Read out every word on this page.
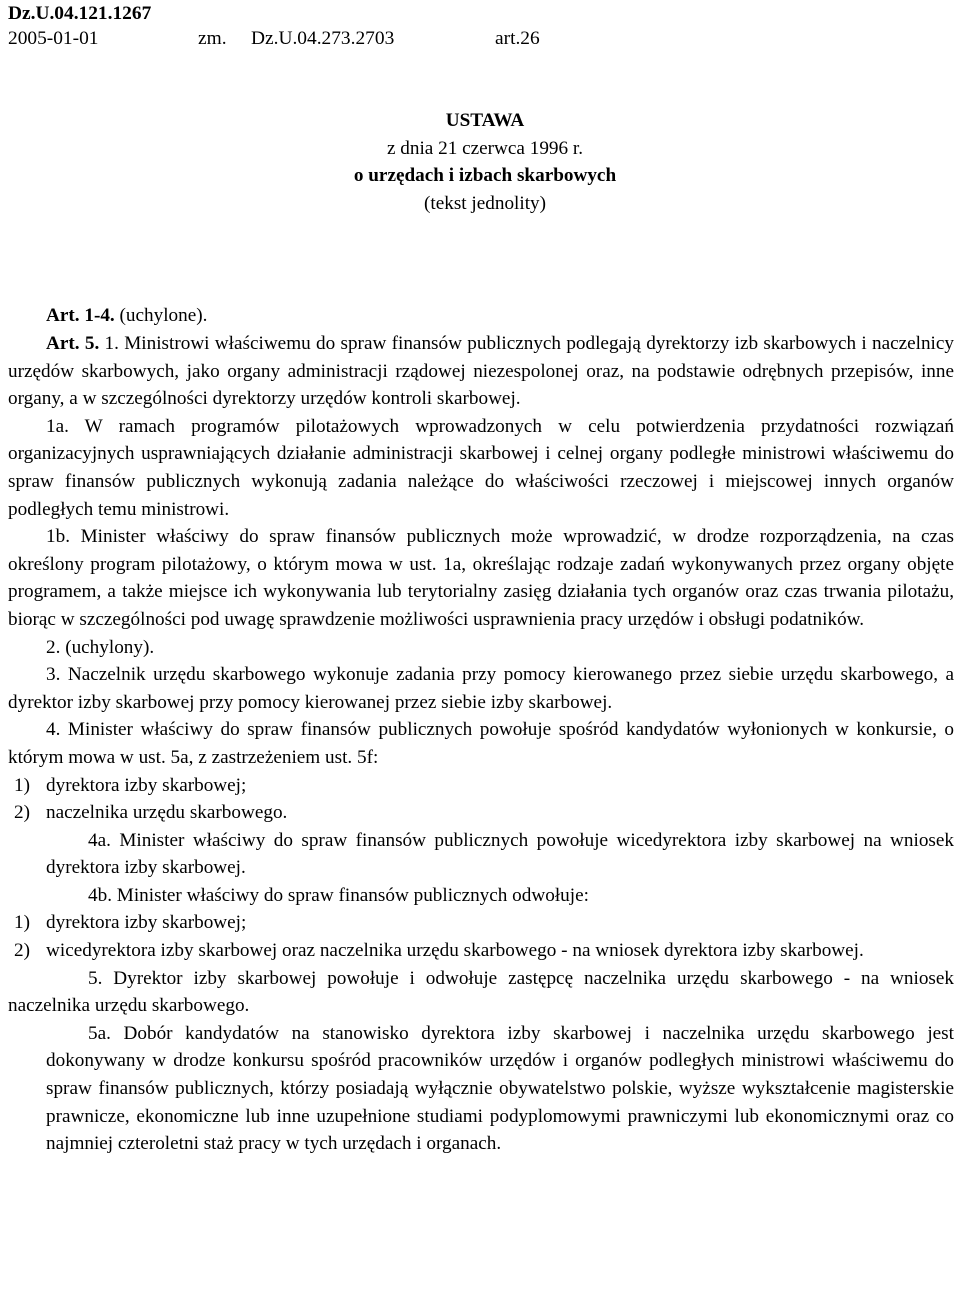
Dz.U.04.121.1267
2005-01-01	zm. Dz.U.04.273.2703	art.26
USTAWA
z dnia 21 czerwca 1996 r.
o urzędach i izbach skarbowych
(tekst jednolity)
Art. 1-4. (uchylone).

Art. 5. 1. Ministrowi właściwemu do spraw finansów publicznych podlegają dyrektorzy izb skarbowych i naczelnicy urzędów skarbowych, jako organy administracji rządowej niezespolonej oraz, na podstawie odrębnych przepisów, inne organy, a w szczególności dyrektorzy urzędów kontroli skarbowej.

1a. W ramach programów pilotażowych wprowadzonych w celu potwierdzenia przydatności rozwiązań organizacyjnych usprawniających działanie administracji skarbowej i celnej organy podległe ministrowi właściwemu do spraw finansów publicznych wykonują zadania należące do właściwości rzeczowej i miejscowej innych organów podległych temu ministrowi.

1b. Minister właściwy do spraw finansów publicznych może wprowadzić, w drodze rozporządzenia, na czas określony program pilotażowy, o którym mowa w ust. 1a, określając rodzaje zadań wykonywanych przez organy objęte programem, a także miejsce ich wykonywania lub terytorialny zasięg działania tych organów oraz czas trwania pilotażu, biorąc w szczególności pod uwagę sprawdzenie możliwości usprawnienia pracy urzędów i obsługi podatników.

2. (uchylony).

3. Naczelnik urzędu skarbowego wykonuje zadania przy pomocy kierowanego przez siebie urzędu skarbowego, a dyrektor izby skarbowej przy pomocy kierowanej przez siebie izby skarbowej.

4. Minister właściwy do spraw finansów publicznych powołuje spośród kandydatów wyłonionych w konkursie, o którym mowa w ust. 5a, z zastrzeżeniem ust. 5f:

1) dyrektora izby skarbowej;

2) naczelnika urzędu skarbowego.

4a. Minister właściwy do spraw finansów publicznych powołuje wicedyrektora izby skarbowej na wniosek dyrektora izby skarbowej.

4b. Minister właściwy do spraw finansów publicznych odwołuje:

1) dyrektora izby skarbowej;

2) wicedyrektora izby skarbowej oraz naczelnika urzędu skarbowego - na wniosek dyrektora izby skarbowej.

5. Dyrektor izby skarbowej powołuje i odwołuje zastępcę naczelnika urzędu skarbowego - na wniosek naczelnika urzędu skarbowego.

5a. Dobór kandydatów na stanowisko dyrektora izby skarbowej i naczelnika urzędu skarbowego jest dokonywany w drodze konkursu spośród pracowników urzędów i organów podległych ministrowi właściwemu do spraw finansów publicznych, którzy posiadają wyłącznie obywatelstwo polskie, wyższe wykształcenie magisterskie prawnicze, ekonomiczne lub inne uzupełnione studiami podyplomowymi prawniczymi lub ekonomicznymi oraz co najmniej czteroletni staż pracy w tych urzędach i organach.
